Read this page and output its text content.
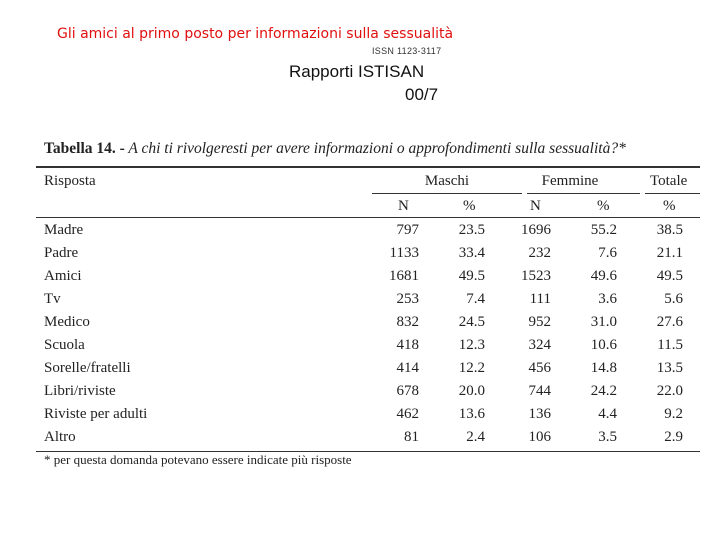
Gli amici al primo posto per informazioni sulla sessualità
ISSN 1123-3117
Rapporti ISTISAN
00/7
Tabella 14. - A chi ti rivolgeresti per avere informazioni o approfondimenti sulla sessualità?*
Risposta	Maschi	Femmine	Totale
N	%	N	%	%
Madre	797	23.5	1696	55.2	38.5
Padre	1133	33.4	232	7.6	21.1
Amici	1681	49.5	1523	49.6	49.5
Tv	253	7.4	111	3.6	5.6
Medico	832	24.5	952	31.0	27.6
Scuola	418	12.3	324	10.6	11.5
Sorelle/fratelli	414	12.2	456	14.8	13.5
Libri/riviste	678	20.0	744	24.2	22.0
Riviste per adulti	462	13.6	136	4.4	9.2
Altro	81	2.4	106	3.5	2.9
* per questa domanda potevano essere indicate più risposte
